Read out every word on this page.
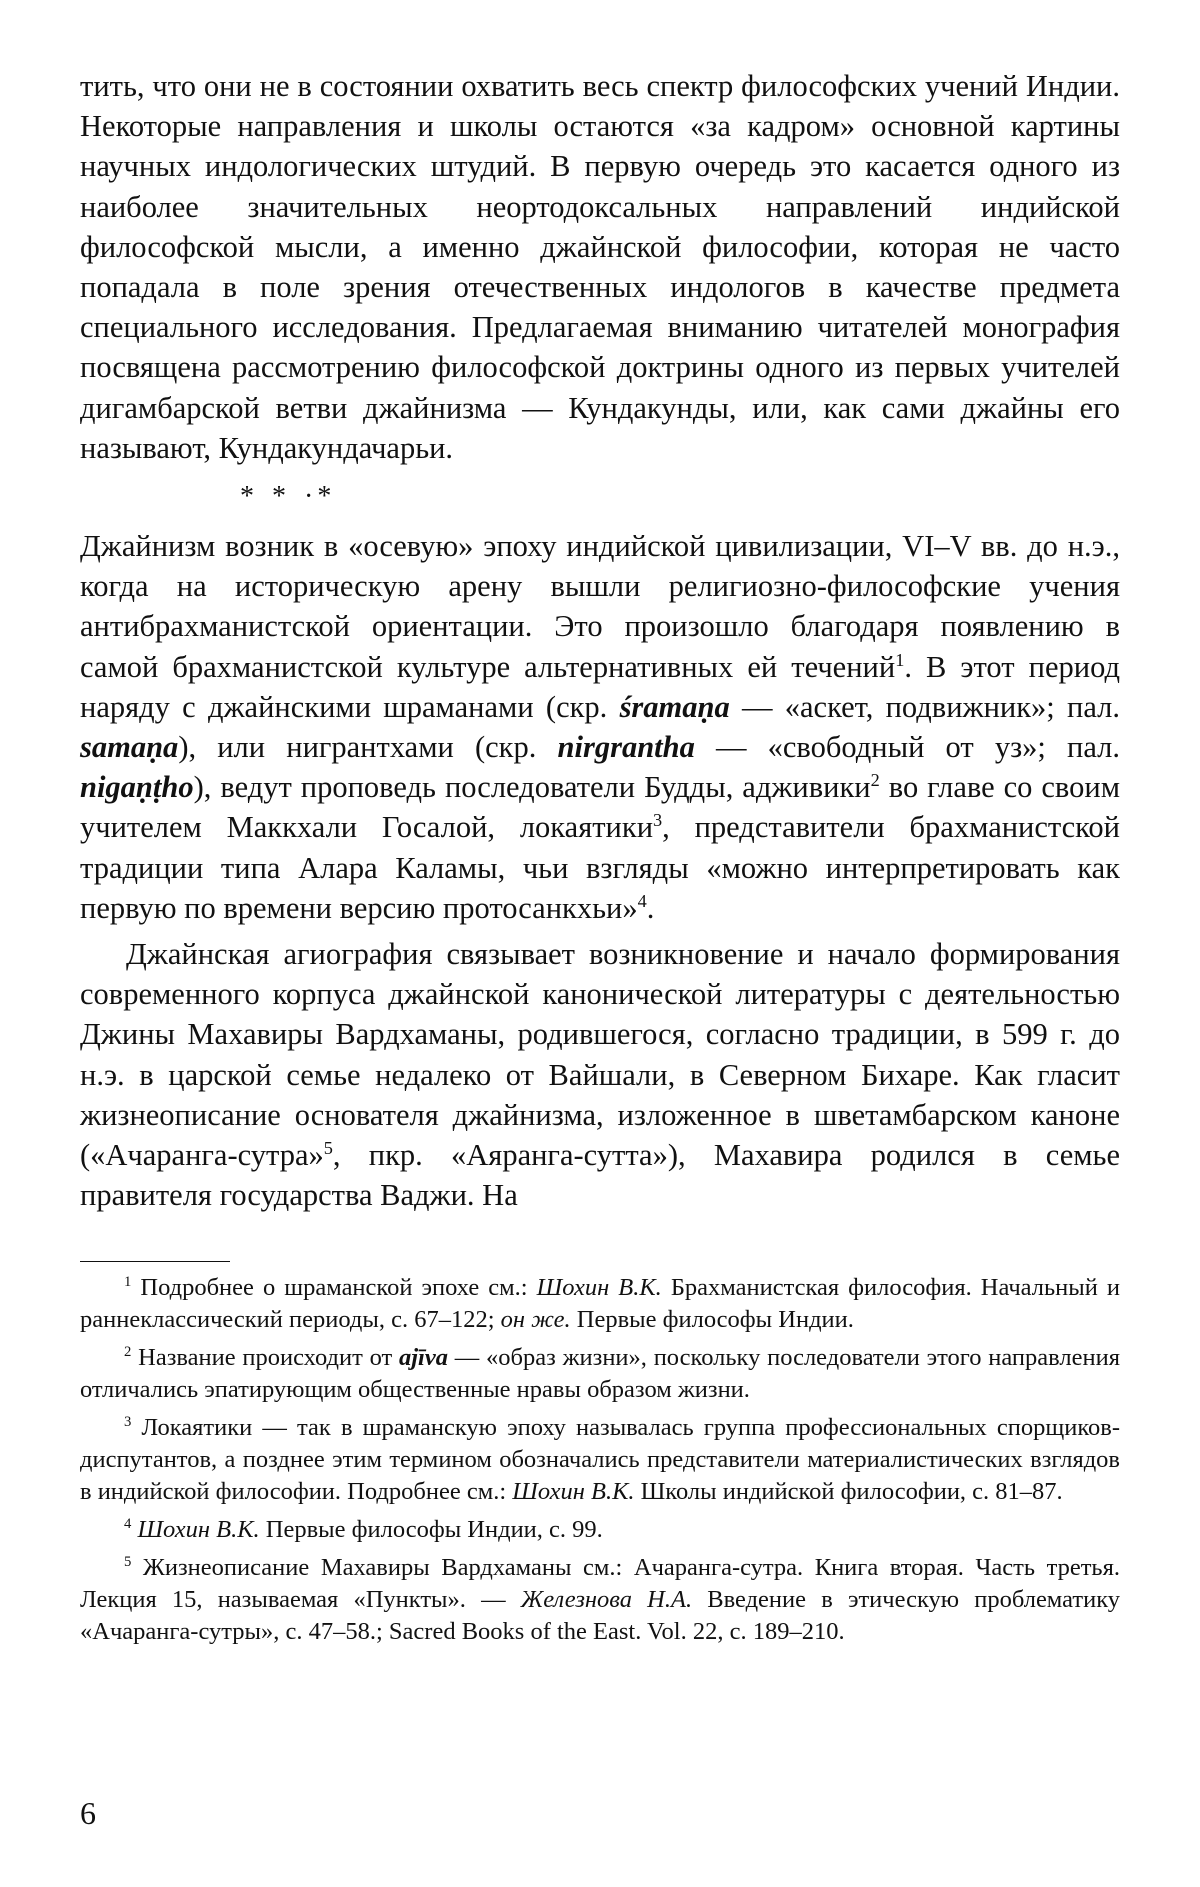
тить, что они не в состоянии охватить весь спектр философских учений Индии. Некоторые направления и школы остаются «за кадром» основной картины научных индологических штудий. В первую очередь это касается одного из наиболее значительных неортодоксальных направлений индийской философской мысли, а именно джайнской философии, которая не часто попадала в поле зрения отечественных индологов в качестве предмета специального исследования. Предлагаемая вниманию читателей монография посвящена рассмотрению философской доктрины одного из первых учителей дигамбарской ветви джайнизма — Кундакунды, или, как сами джайны его называют, Кундакундачарьи.

* * · *

Джайнизм возник в «осевую» эпоху индийской цивилизации, VI–V вв. до н.э., когда на историческую арену вышли религиозно-философские учения антибрахманистской ориентации. Это произошло благодаря появлению в самой брахманистской культуре альтернативных ей течений$^1$. В этот период наряду с джайнскими шраманами (скр. śramaṇa — «аскет, подвижник»; пал. samaṇa), или нигрантхами (скр. nirgrantha — «свободный от уз»; пал. nigaṇṭho), ведут проповедь последователи Будды, адживики$^2$ во главе со своим учителем Маккхали Госалой, локаятики$^3$, представители брахманистской традиции типа Алара Каламы, чьи взгляды «можно интерпретировать как первую по времени версию протосанкхьи»$^4$.

Джайнская агиография связывает возникновение и начало формирования современного корпуса джайнской канонической литературы с деятельностью Джины Махавиры Вардхаманы, родившегося, согласно традиции, в 599 г. до н.э. в царской семье недалеко от Вайшали, в Северном Бихаре. Как гласит жизнеописание основателя джайнизма, изложенное в шветамбарском каноне («Ачаранга-сутра»$^5$, пкр. «Аяранга-сутта»), Махавира родился в семье правителя государства Ваджи. На

$^1$ Подробнее о шраманской эпохе см.: Шохин В.К. Брахманистская философия. Начальный и раннеклассический периоды, с. 67–122; он же. Первые философы Индии.

$^2$ Название происходит от ajīva — «образ жизни», поскольку последователи этого направления отличались эпатирующим общественные нравы образом жизни.

$^3$ Локаятики — так в шраманскую эпоху называлась группа профессиональных спорщиков-диспутантов, а позднее этим термином обозначались представители материалистических взглядов в индийской философии. Подробнее см.: Шохин В.К. Школы индийской философии, с. 81–87.

$^4$ Шохин В.К. Первые философы Индии, с. 99.

$^5$ Жизнеописание Махавиры Вардхаманы см.: Ачаранга-сутра. Книга вторая. Часть третья. Лекция 15, называемая «Пункты». — Железнова Н.А. Введение в этическую проблематику «Ачаранга-сутры», с. 47–58.; Sacred Books of the East. Vol. 22, с. 189–210.

6
